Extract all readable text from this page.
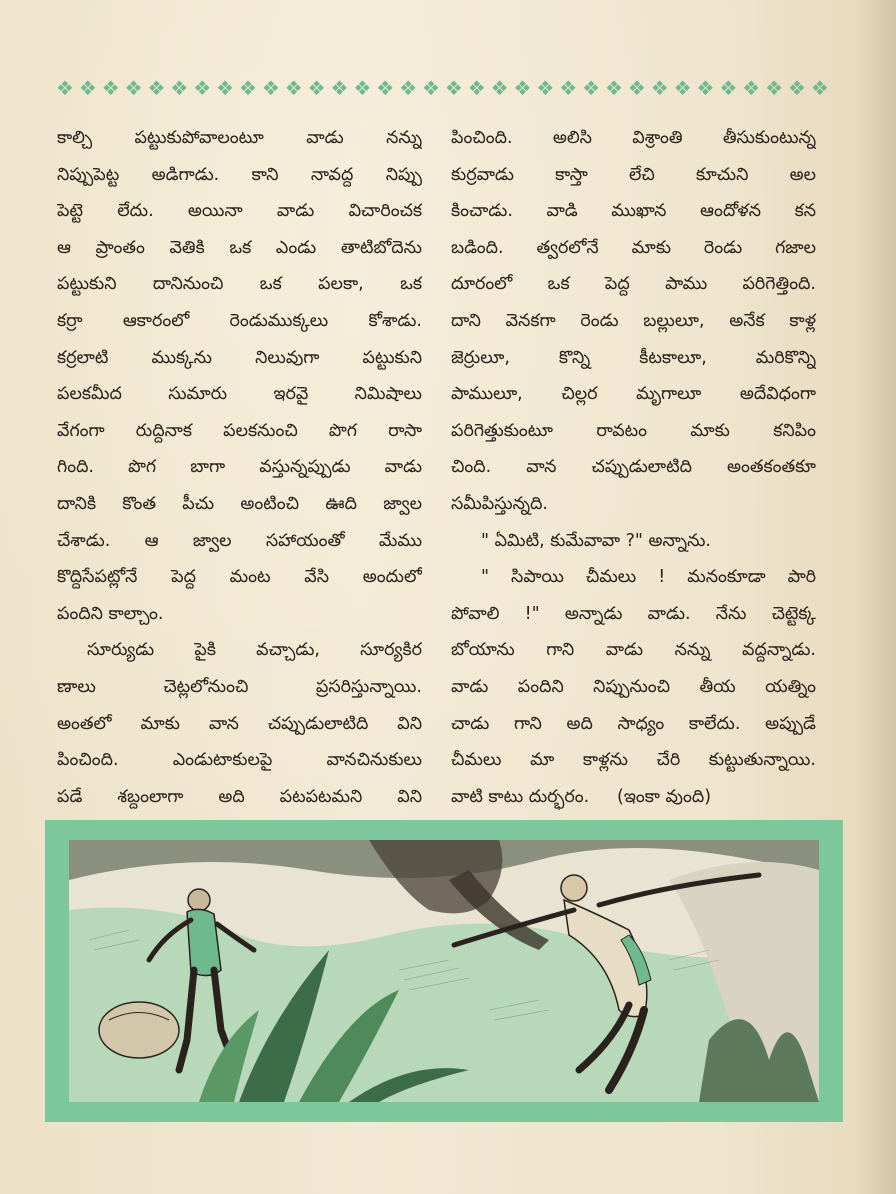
❖ ❖ ❖ ❖ ❖ ❖ ❖ ❖ ❖ ❖ ❖ ❖ ❖ ❖ ❖ ❖ ❖ ❖ ❖ ❖ ❖ ❖ ❖ ❖ ❖ ❖ ❖ ❖ ❖ ❖ ❖ ❖ ❖ ❖
కాల్చి పట్టుకుపోవాలంటూ వాడు నన్ను
నిప్పుపెట్ట అడిగాడు. కాని నావద్ద నిప్పు
పెట్టె లేదు. అయినా వాడు విచారించక
ఆ ప్రాంతం వెతికి ఒక ఎండు తాటిబోదెను
పట్టుకుని దానినుంచి ఒక పలకా, ఒక
కర్రా ఆకారంలో రెండుముక్కలు కోశాడు.
కర్రలాటి ముక్కను నిలువుగా పట్టుకుని
పలకమీద సుమారు ఇరవై నిమిషాలు
వేగంగా రుద్దినాక పలకనుంచి పొగ రాసా
గింది. పొగ బాగా వస్తున్నప్పుడు వాడు
దానికి కొంత పీచు అంటించి ఊది జ్వాల
చేశాడు. ఆ జ్వాల సహాయంతో మేము
కొద్దిసేపట్లోనే పెద్ద మంట వేసి అందులో
పందిని కాల్చాం.
సూర్యుడు పైకి వచ్చాడు, సూర్యకిర
ణాలు చెట్లలోనుంచి ప్రసరిస్తున్నాయి.
అంతలో మాకు వాన చప్పుడులాటిది విని
పించింది. ఎండుటాకులపై వానచినుకులు
పడే శబ్దంలాగా అది పటపటమని విని
పించింది. అలిసి విశ్రాంతి తీసుకుంటున్న
కుర్రవాడు కాస్తా లేచి కూచుని అల
కించాడు. వాడి ముఖాన ఆందోళన కన
బడింది. త్వరలోనే మాకు రెండు గజాల
దూరంలో ఒక పెద్ద పాము పరిగెత్తింది.
దాని వెనకగా రెండు బల్లులూ, అనేక కాళ్ల
జెర్రులూ, కొన్ని కీటకాలూ, మరికొన్ని
పాములూ, చిల్లర మృగాలూ అదేవిధంగా
పరిగెత్తుకుంటూ రావటం మాకు కనిపిం
చింది. వాన చప్పుడులాటిది అంతకంతకూ
సమీపిస్తున్నది.
" ఏమిటి, కుమేవావా ?" అన్నాను.
" సిపాయి చీమలు ! మనంకూడా పారి
పోవాలి !" అన్నాడు వాడు. నేను చెట్టెక్క
బోయాను గాని వాడు నన్ను వద్దన్నాడు.
వాడు పందిని నిప్పునుంచి తీయ యత్నిం
చాడు గాని అది సాధ్యం కాలేదు. అప్పుడే
చీమలు మా కాళ్లను చేరి కుట్టుతున్నాయి.
వాటి కాటు దుర్భరం.     (ఇంకా వుంది)
